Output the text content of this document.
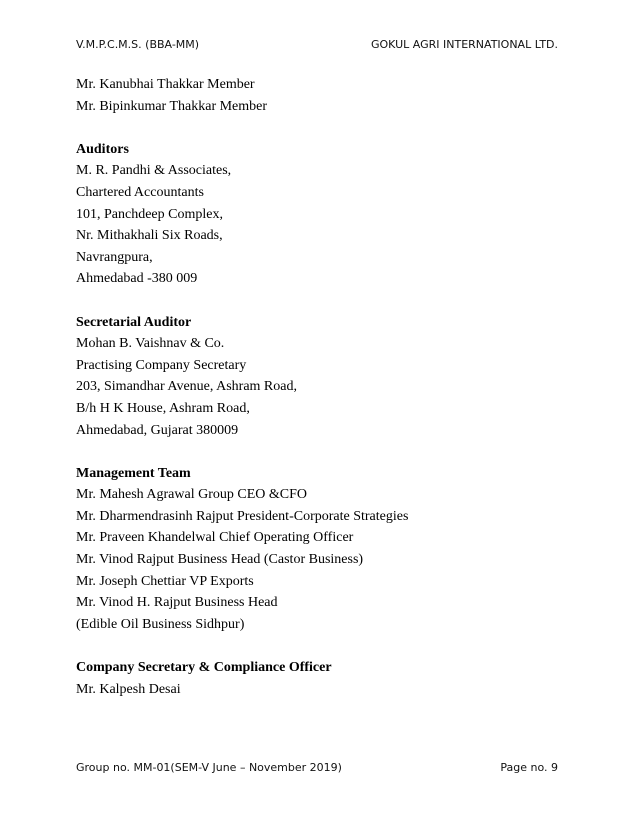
V.M.P.C.M.S. (BBA-MM)	GOKUL AGRI INTERNATIONAL LTD.
Mr. Kanubhai Thakkar Member
Mr. Bipinkumar Thakkar Member
Auditors
M. R. Pandhi & Associates,
Chartered Accountants
101, Panchdeep Complex,
Nr. Mithakhali Six Roads,
Navrangpura,
Ahmedabad -380 009
Secretarial Auditor
Mohan B. Vaishnav & Co.
Practising Company Secretary
203, Simandhar Avenue, Ashram Road,
B/h H K House, Ashram Road,
Ahmedabad, Gujarat 380009
Management Team
Mr. Mahesh Agrawal Group CEO &CFO
Mr. Dharmendrasinh Rajput President-Corporate Strategies
Mr. Praveen Khandelwal Chief Operating Officer
Mr. Vinod Rajput Business Head (Castor Business)
Mr. Joseph Chettiar VP Exports
Mr. Vinod H. Rajput Business Head
(Edible Oil Business Sidhpur)
Company Secretary & Compliance Officer
Mr. Kalpesh Desai
Group no. MM-01(SEM-V June – November 2019)	Page no. 9
